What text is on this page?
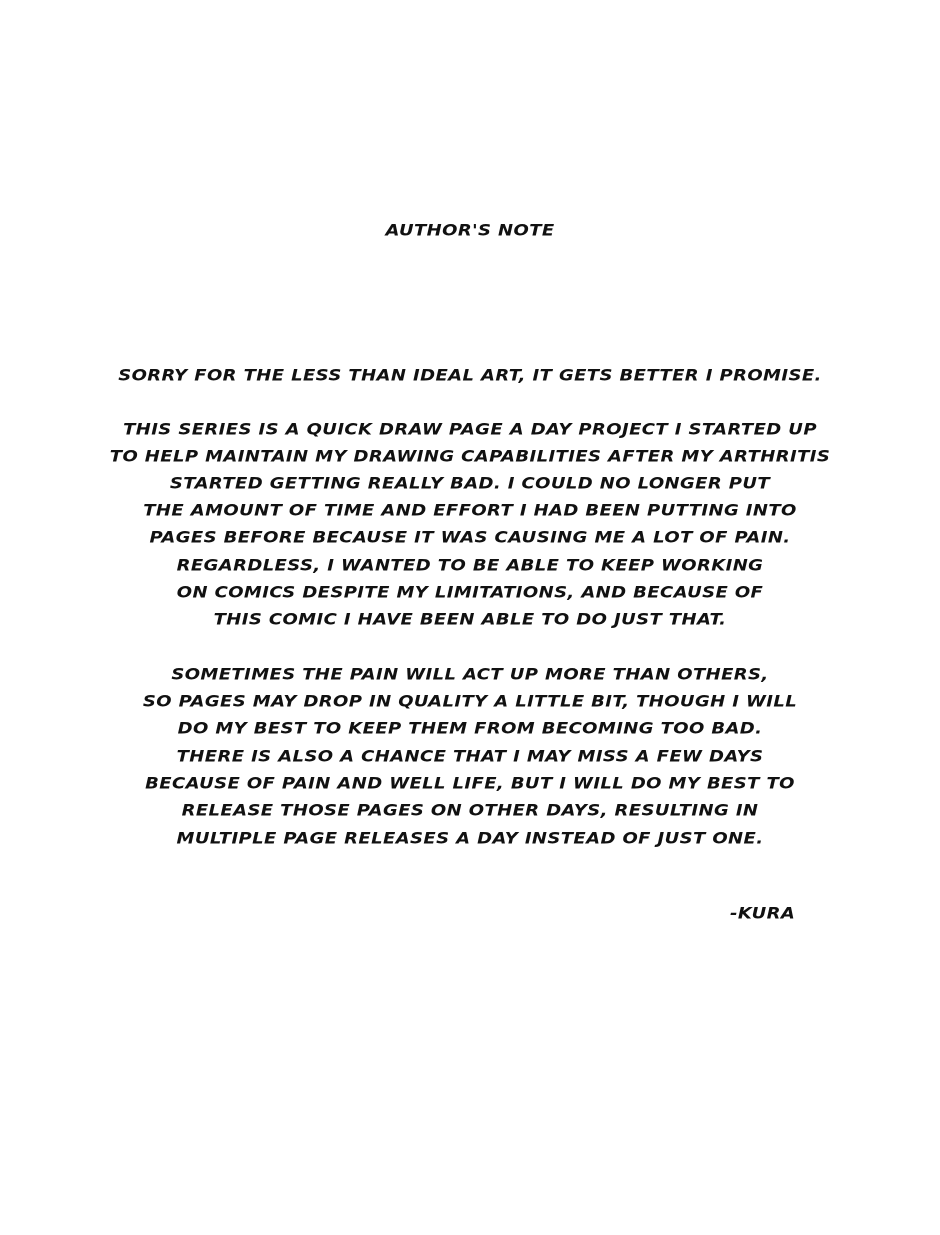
AUTHOR'S NOTE
SORRY FOR THE LESS THAN IDEAL ART, IT GETS BETTER I PROMISE.
THIS SERIES IS A QUICK DRAW PAGE A DAY PROJECT I STARTED UP
TO HELP MAINTAIN MY DRAWING CAPABILITIES AFTER MY ARTHRITIS
STARTED GETTING REALLY BAD. I COULD NO LONGER PUT
THE AMOUNT OF TIME AND EFFORT I HAD BEEN PUTTING INTO
PAGES BEFORE BECAUSE IT WAS CAUSING ME A LOT OF PAIN.
REGARDLESS, I WANTED TO BE ABLE TO KEEP WORKING
ON COMICS DESPITE MY LIMITATIONS, AND BECAUSE OF
THIS COMIC I HAVE BEEN ABLE TO DO JUST THAT.
SOMETIMES THE PAIN WILL ACT UP MORE THAN OTHERS,
SO PAGES MAY DROP IN QUALITY A LITTLE BIT, THOUGH I WILL
DO MY BEST TO KEEP THEM FROM BECOMING TOO BAD.
THERE IS ALSO A CHANCE THAT I MAY MISS A FEW DAYS
BECAUSE OF PAIN AND WELL LIFE, BUT I WILL DO MY BEST TO
RELEASE THOSE PAGES ON OTHER DAYS, RESULTING IN
MULTIPLE PAGE RELEASES A DAY INSTEAD OF JUST ONE.
-KURA
